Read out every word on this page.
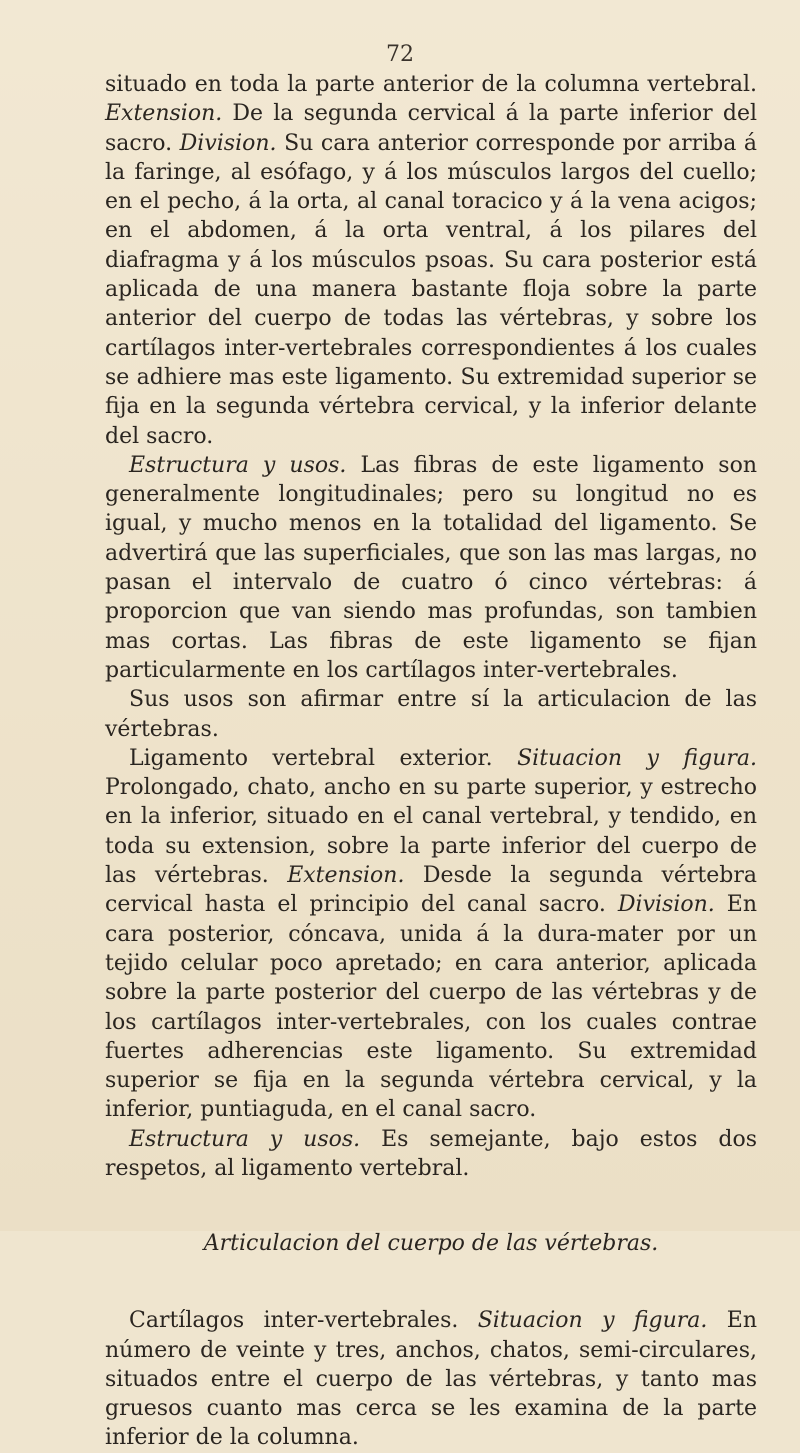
72

situado en toda la parte anterior de la columna vertebral. Extension. De la segunda cervical á la parte inferior del sacro. Division. Su cara anterior corresponde por arriba á la faringe, al esófago, y á los músculos largos del cuello; en el pecho, á la orta, al canal toracico y á la vena acigos; en el abdomen, á la orta ventral, á los pilares del diafragma y á los músculos psoas. Su cara posterior está aplicada de una manera bastante floja sobre la parte anterior del cuerpo de todas las vértebras, y sobre los cartílagos inter-vertebrales correspondientes á los cuales se adhiere mas este ligamento. Su extremidad superior se fija en la segunda vértebra cervical, y la inferior delante del sacro.

Estructura y usos. Las fibras de este ligamento son generalmente longitudinales; pero su longitud no es igual, y mucho menos en la totalidad del ligamento. Se advertirá que las superficiales, que son las mas largas, no pasan el intervalo de cuatro ó cinco vértebras: á proporcion que van siendo mas profundas, son tambien mas cortas. Las fibras de este ligamento se fijan particularmente en los cartílagos inter-vertebrales.

Sus usos son afirmar entre sí la articulacion de las vértebras.

Ligamento vertebral exterior. Situacion y figura. Prolongado, chato, ancho en su parte superior, y estrecho en la inferior, situado en el canal vertebral, y tendido, en toda su extension, sobre la parte inferior del cuerpo de las vértebras. Extension. Desde la segunda vértebra cervical hasta el principio del canal sacro. Division. En cara posterior, cóncava, unida á la dura-mater por un tejido celular poco apretado; en cara anterior, aplicada sobre la parte posterior del cuerpo de las vértebras y de los cartílagos inter-vertebrales, con los cuales contrae fuertes adherencias este ligamento. Su extremidad superior se fija en la segunda vértebra cervical, y la inferior, puntiaguda, en el canal sacro.

Estructura y usos. Es semejante, bajo estos dos respetos, al ligamento vertebral.

Articulacion del cuerpo de las vértebras.

Cartílagos inter-vertebrales. Situacion y figura. En número de veinte y tres, anchos, chatos, semi-circulares, situados entre el cuerpo de las vértebras, y tanto mas gruesos cuanto mas cerca se les examina de la parte inferior de la columna.
